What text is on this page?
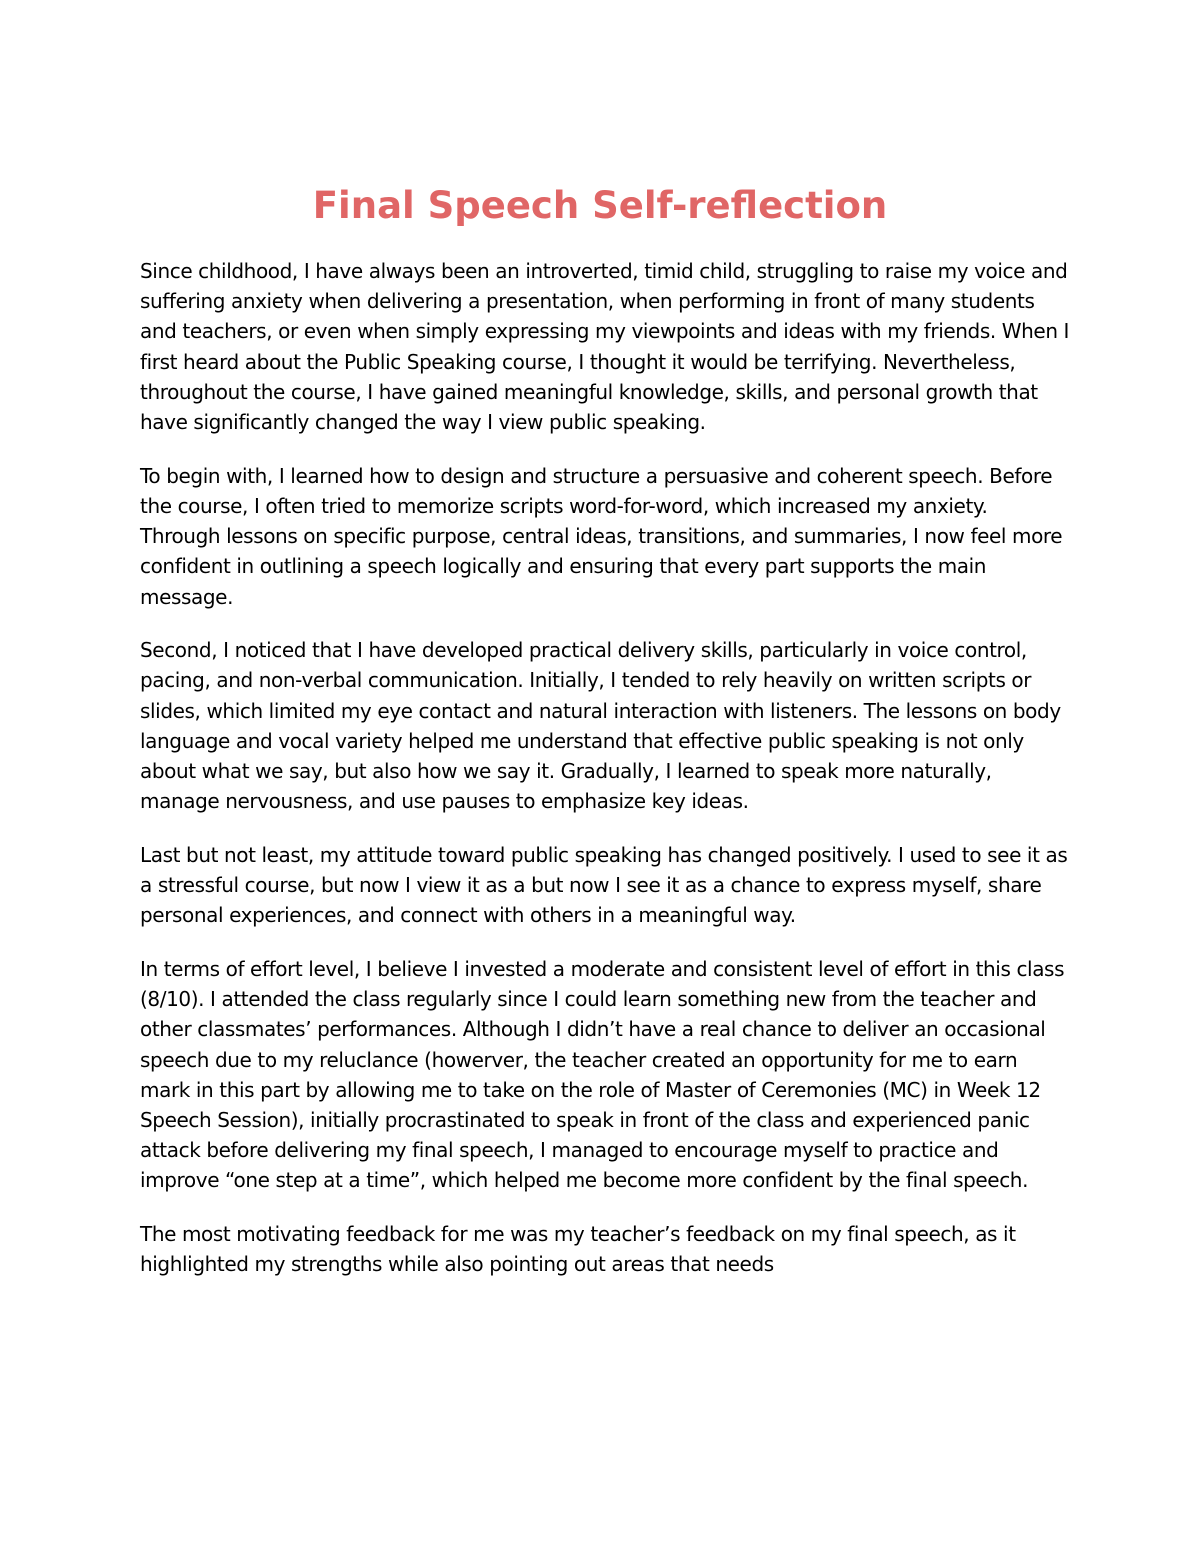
Final Speech Self-reflection

Since childhood, I have always been an introverted, timid child, struggling to raise my voice and suffering anxiety when delivering a presentation, when performing in front of many students and teachers, or even when simply expressing my viewpoints and ideas with my friends. When I first heard about the Public Speaking course, I thought it would be terrifying. Nevertheless, throughout the course, I have gained meaningful knowledge, skills, and personal growth that have significantly changed the way I view public speaking.

To begin with, I learned how to design and structure a persuasive and coherent speech. Before the course, I often tried to memorize scripts word-for-word, which increased my anxiety. Through lessons on specific purpose, central ideas, transitions, and summaries, I now feel more confident in outlining a speech logically and ensuring that every part supports the main message.

Second, I noticed that I have developed practical delivery skills, particularly in voice control, pacing, and non-verbal communication. Initially, I tended to rely heavily on written scripts or slides, which limited my eye contact and natural interaction with listeners. The lessons on body language and vocal variety helped me understand that effective public speaking is not only about what we say, but also how we say it. Gradually, I learned to speak more naturally, manage nervousness, and use pauses to emphasize key ideas.

Last but not least, my attitude toward public speaking has changed positively. I used to see it as a stressful course, but now I view it as a but now I see it as a chance to express myself, share personal experiences, and connect with others in a meaningful way.

In terms of effort level, I believe I invested a moderate and consistent level of effort in this class (8/10). I attended the class regularly since I could learn something new from the teacher and other classmates’ performances. Although I didn’t have a real chance to deliver an occasional speech due to my reluclance (howerver, the teacher created an opportunity for me to earn mark in this part by allowing me to take on the role of Master of Ceremonies (MC) in Week 12 Speech Session), initially procrastinated to speak in front of the class and experienced panic attack before delivering my final speech, I managed to encourage myself to practice and improve “one step at a time”, which helped me become more confident by the final speech.

The most motivating feedback for me was my teacher’s feedback on my final speech, as it highlighted my strengths while also pointing out areas that needs
